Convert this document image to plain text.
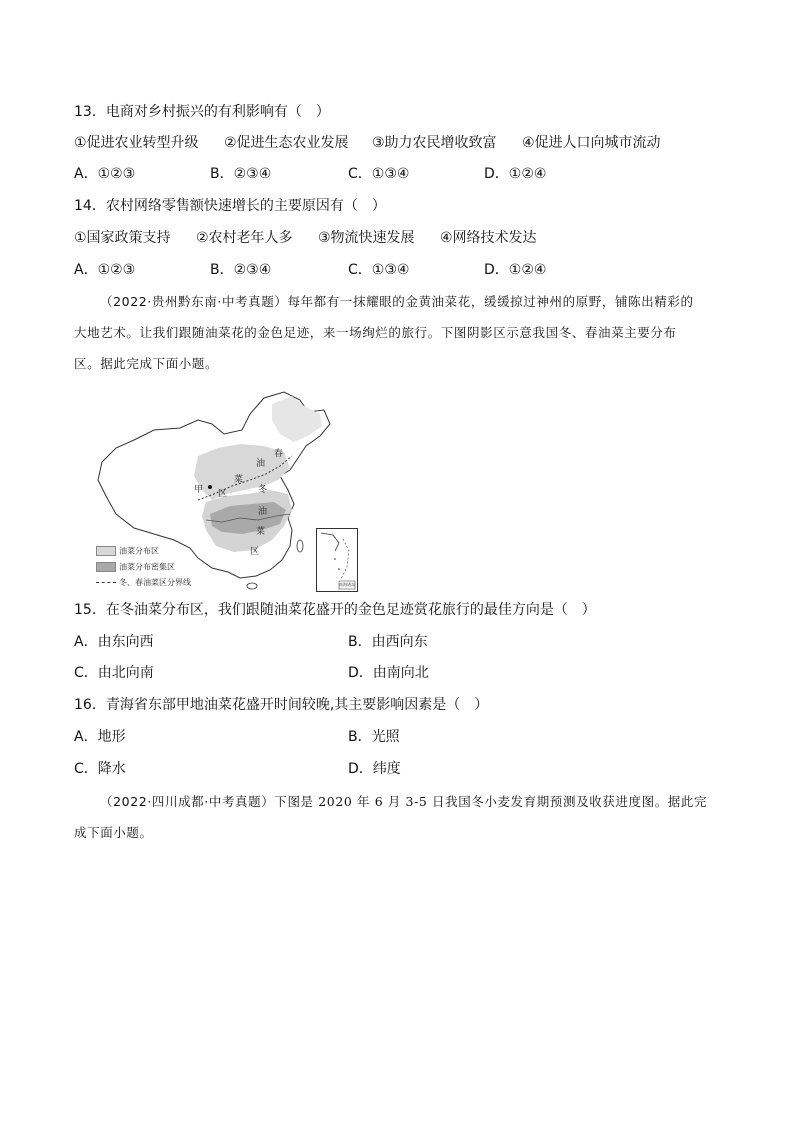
13．电商对乡村振兴的有利影响有（　）
①促进农业转型升级 ②促进生态农业发展 ③助力农民增收致富 ④促进人口向城市流动
A．①②③	B．②③④	C．①③④	D．①②④
14．农村网络零售额快速增长的主要原因有（　）
①国家政策支持 ②农村老年人多 ③物流快速发展 ④网络技术发达
A．①②③	B．②③④	C．①③④	D．①②④
（2022·贵州黔东南·中考真题）每年都有一抹耀眼的金黄油菜花，缓缓掠过神州的原野，铺陈出精彩的
大地艺术。让我们跟随油菜花的金色足迹，来一场绚烂的旅行。下图阴影区示意我国冬、春油菜主要分布
区。据此完成下面小题。
春
油
菜
冬
甲 区
油
菜
区
油菜分布区
油菜分布密集区
冬、春油菜区分界线	南海诸岛
15．在冬油菜分布区，我们跟随油菜花盛开的金色足迹赏花旅行的最佳方向是（　）
A．由东向西	B．由西向东
C．由北向南	D．由南向北
16．青海省东部甲地油菜花盛开时间较晚,其主要影响因素是（　）
A．地形	B．光照
C．降水	D．纬度
（2022·四川成都·中考真题）下图是 2020 年 6 月 3-5 日我国冬小麦发育期预测及收获进度图。据此完
成下面小题。
